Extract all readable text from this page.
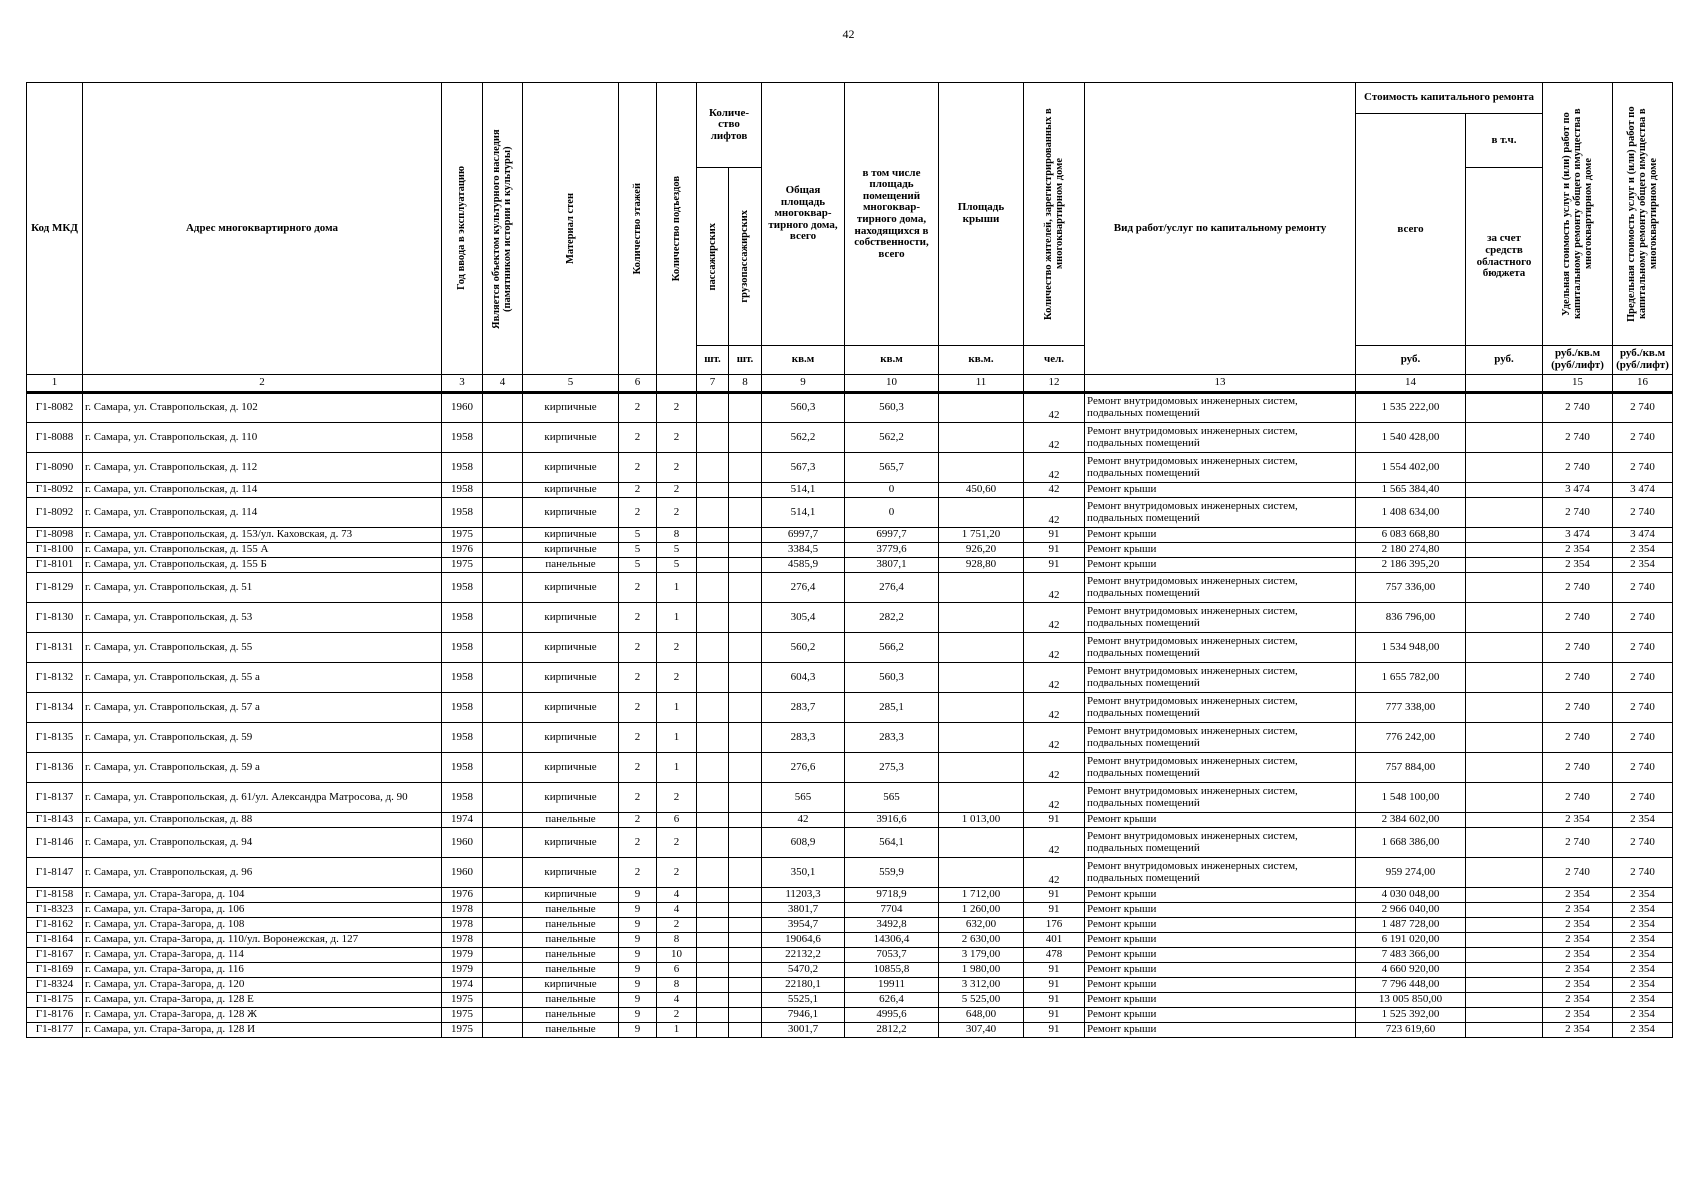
42
Код МКД	Адрес многоквартирного дома	Год ввода в эксплуатацию	Является объектом культурного наследия (памятником истории и культуры)	Материал стен	Количество этажей	Количество подъездов	Количе- ство лифтов		Общая площадь многоквар- тирного дома, всего	в том числе площадь помещений многоквар- тирного дома, находящихся в собственности, всего	Площадь крыши	Количество жителей, зарегистрированных в многоквартирном доме	Вид работ/услуг по капитальному ремонту	Стоимость капитального ремонта		Удельная стоимость услуг и (или) работ по капитальному ремонту общего имущества в многоквартирном доме	Предельная стоимость услуг и (или) работ по капитальному ремонту общего имущества в многоквартирном доме

														всего	в т.ч.		

							пассажирских	грузопассажирских							за счет средств областного бюджета		
							шт.	шт.	кв.м	кв.м	кв.м.	чел.		руб.	руб.	руб./кв.м (руб/лифт)	руб./кв.м (руб/лифт)
1	2	3	4	5	6		7	8	9	10	11	12	13	14		15	16
Г1-8082	г. Самара, ул. Ставропольская, д. 102	1960		кирпичные	2	2			560,3	560,3		42	Ремонт внутридомовых инженерных систем, подвальных помещений	1 535 222,00		2 740	2 740
Г1-8088	г. Самара, ул. Ставропольская, д. 110	1958		кирпичные	2	2			562,2	562,2		42	Ремонт внутридомовых инженерных систем, подвальных помещений	1 540 428,00		2 740	2 740
Г1-8090	г. Самара, ул. Ставропольская, д. 112	1958		кирпичные	2	2			567,3	565,7		42	Ремонт внутридомовых инженерных систем, подвальных помещений	1 554 402,00		2 740	2 740
Г1-8092	г. Самара, ул. Ставропольская, д. 114	1958		кирпичные	2	2			514,1	0	450,60	42	Ремонт крыши	1 565 384,40		3 474	3 474
Г1-8092	г. Самара, ул. Ставропольская, д. 114	1958		кирпичные	2	2			514,1	0		42	Ремонт внутридомовых инженерных систем, подвальных помещений	1 408 634,00		2 740	2 740
Г1-8098	г. Самара, ул. Ставропольская, д. 153/ул. Каховская, д. 73	1975		кирпичные	5	8			6997,7	6997,7	1 751,20	91	Ремонт крыши	6 083 668,80		3 474	3 474
Г1-8100	г. Самара, ул. Ставропольская, д. 155 А	1976		кирпичные	5	5			3384,5	3779,6	926,20	91	Ремонт крыши	2 180 274,80		2 354	2 354
Г1-8101	г. Самара, ул. Ставропольская, д. 155 Б	1975		панельные	5	5			4585,9	3807,1	928,80	91	Ремонт крыши	2 186 395,20		2 354	2 354
Г1-8129	г. Самара, ул. Ставропольская, д. 51	1958		кирпичные	2	1			276,4	276,4		42	Ремонт внутридомовых инженерных систем, подвальных помещений	757 336,00		2 740	2 740
Г1-8130	г. Самара, ул. Ставропольская, д. 53	1958		кирпичные	2	1			305,4	282,2		42	Ремонт внутридомовых инженерных систем, подвальных помещений	836 796,00		2 740	2 740
Г1-8131	г. Самара, ул. Ставропольская, д. 55	1958		кирпичные	2	2			560,2	566,2		42	Ремонт внутридомовых инженерных систем, подвальных помещений	1 534 948,00		2 740	2 740
Г1-8132	г. Самара, ул. Ставропольская, д. 55 а	1958		кирпичные	2	2			604,3	560,3		42	Ремонт внутридомовых инженерных систем, подвальных помещений	1 655 782,00		2 740	2 740
Г1-8134	г. Самара, ул. Ставропольская, д. 57 а	1958		кирпичные	2	1			283,7	285,1		42	Ремонт внутридомовых инженерных систем, подвальных помещений	777 338,00		2 740	2 740
Г1-8135	г. Самара, ул. Ставропольская, д. 59	1958		кирпичные	2	1			283,3	283,3		42	Ремонт внутридомовых инженерных систем, подвальных помещений	776 242,00		2 740	2 740
Г1-8136	г. Самара, ул. Ставропольская, д. 59 а	1958		кирпичные	2	1			276,6	275,3		42	Ремонт внутридомовых инженерных систем, подвальных помещений	757 884,00		2 740	2 740
Г1-8137	г. Самара, ул. Ставропольская, д. 61/ул. Александра Матросова, д. 90	1958		кирпичные	2	2			565	565		42	Ремонт внутридомовых инженерных систем, подвальных помещений	1 548 100,00		2 740	2 740
Г1-8143	г. Самара, ул. Ставропольская, д. 88	1974		панельные	2	6			42	3916,6	1 013,00	91	Ремонт крыши	2 384 602,00		2 354	2 354
Г1-8146	г. Самара, ул. Ставропольская, д. 94	1960		кирпичные	2	2			608,9	564,1		42	Ремонт внутридомовых инженерных систем, подвальных помещений	1 668 386,00		2 740	2 740
Г1-8147	г. Самара, ул. Ставропольская, д. 96	1960		кирпичные	2	2			350,1	559,9		42	Ремонт внутридомовых инженерных систем, подвальных помещений	959 274,00		2 740	2 740
Г1-8158	г. Самара, ул. Стара-Загора, д. 104	1976		кирпичные	9	4			11203,3	9718,9	1 712,00	91	Ремонт крыши	4 030 048,00		2 354	2 354
Г1-8323	г. Самара, ул. Стара-Загора, д. 106	1978		панельные	9	4			3801,7	7704	1 260,00	91	Ремонт крыши	2 966 040,00		2 354	2 354
Г1-8162	г. Самара, ул. Стара-Загора, д. 108	1978		панельные	9	2			3954,7	3492,8	632,00	176	Ремонт крыши	1 487 728,00		2 354	2 354
Г1-8164	г. Самара, ул. Стара-Загора, д. 110/ул. Воронежская, д. 127	1978		панельные	9	8			19064,6	14306,4	2 630,00	401	Ремонт крыши	6 191 020,00		2 354	2 354
Г1-8167	г. Самара, ул. Стара-Загора, д. 114	1979		панельные	9	10			22132,2	7053,7	3 179,00	478	Ремонт крыши	7 483 366,00		2 354	2 354
Г1-8169	г. Самара, ул. Стара-Загора, д. 116	1979		панельные	9	6			5470,2	10855,8	1 980,00	91	Ремонт крыши	4 660 920,00		2 354	2 354
Г1-8324	г. Самара, ул. Стара-Загора, д. 120	1974		кирпичные	9	8			22180,1	19911	3 312,00	91	Ремонт крыши	7 796 448,00		2 354	2 354
Г1-8175	г. Самара, ул. Стара-Загора, д. 128 Е	1975		панельные	9	4			5525,1	626,4	5 525,00	91	Ремонт крыши	13 005 850,00		2 354	2 354
Г1-8176	г. Самара, ул. Стара-Загора, д. 128 Ж	1975		панельные	9	2			7946,1	4995,6	648,00	91	Ремонт крыши	1 525 392,00		2 354	2 354
Г1-8177	г. Самара, ул. Стара-Загора, д. 128 И	1975		панельные	9	1			3001,7	2812,2	307,40	91	Ремонт крыши	723 619,60		2 354	2 354
